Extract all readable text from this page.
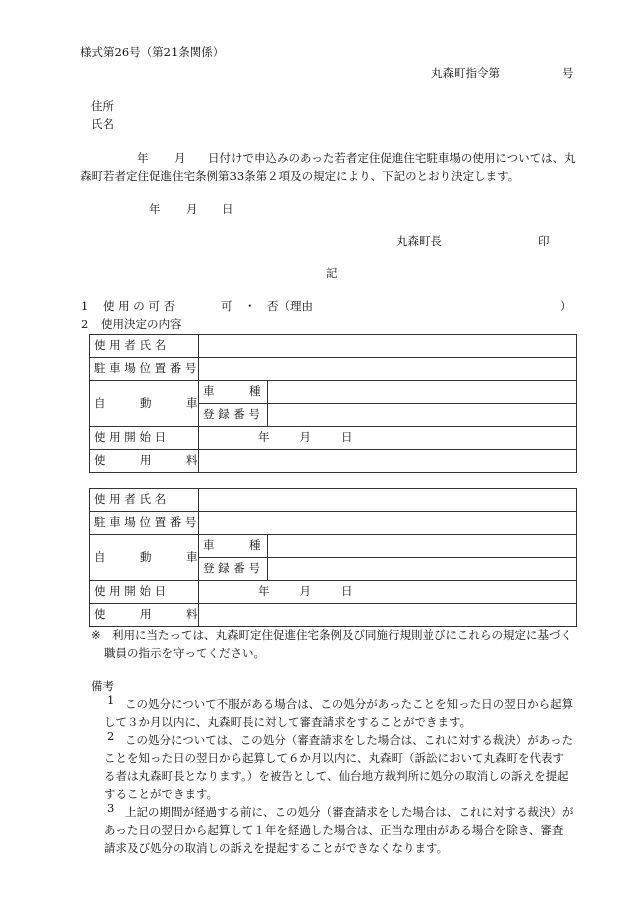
様式第26号（第21条関係）
丸森町指令第	号
住所
氏名
年 月 日付けで申込みのあった若者定住促進住宅駐車場の使用については、丸
森町若者定住促進住宅条例第33条第２項及の規定により、下記のとおり決定します。
年 月 日
丸森町長	印
記
1 使 用 の 可 否	可　・　否（理由	）
2 使用決定の内容
使 用 者 氏 名		
駐 車 場 位 置 番 号		
自　　　動　　　車	車　　　種	
	登 録 番 号	
使 用 開 始 日	年 月 日	
使　　　用　　　料		
使 用 者 氏 名		
駐 車 場 位 置 番 号		
自　　　動　　　車	車　　　種	
	登 録 番 号	
使 用 開 始 日	年 月 日	
使　　　用　　　料		
※ 利用に当たっては、丸森町定住促進住宅条例及び同施行規則並びにこれらの規定に基づく
職員の指示を守ってください。
備考
1 この処分について不服がある場合は、この処分があったことを知った日の翌日から起算

して３か月以内に、丸森町長に対して審査請求をすることができます。

2 この処分については、この処分（審査請求をした場合は、これに対する裁決）があった

ことを知った日の翌日から起算して６か月以内に、丸森町（訴訟において丸森町を代表す

る者は丸森町長となります。）を被告として、仙台地方裁判所に処分の取消しの訴えを提起

することができます。

3 上記の期間が経過する前に、この処分（審査請求をした場合は、これに対する裁決）が

あった日の翌日から起算して１年を経過した場合は、正当な理由がある場合を除き、審査

請求及び処分の取消しの訴えを提起することができなくなります。
